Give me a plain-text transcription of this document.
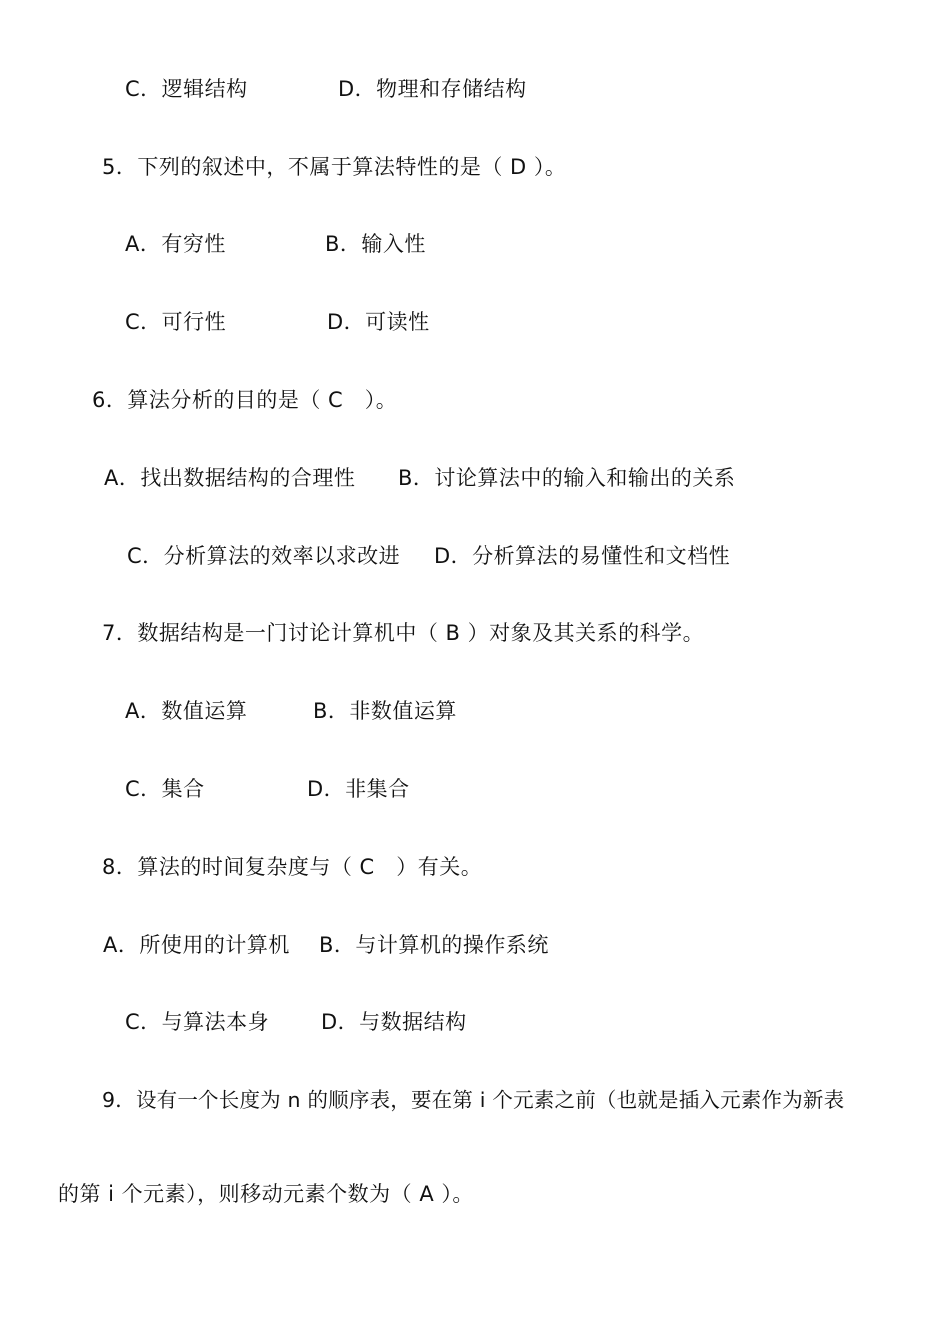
C．逻辑结构	D．物理和存储结构
5．下列的叙述中，不属于算法特性的是（ D ）。
A．有穷性	B．输入性
C．可行性	D．可读性
6．算法分析的目的是（ C　）。
A．找出数据结构的合理性 B．讨论算法中的输入和输出的关系
C．分析算法的效率以求改进 D．分析算法的易懂性和文档性
7．数据结构是一门讨论计算机中（ B ）对象及其关系的科学。
A．数值运算	B．非数值运算
C．集合	D．非集合
8．算法的时间复杂度与（ C　）有关。
A．所使用的计算机 B．与计算机的操作系统
C．与算法本身 D．与数据结构
9．设有一个长度为 n 的顺序表，要在第 i 个元素之前（也就是插入元素作为新表
的第 i 个元素），则移动元素个数为（ A ）。
